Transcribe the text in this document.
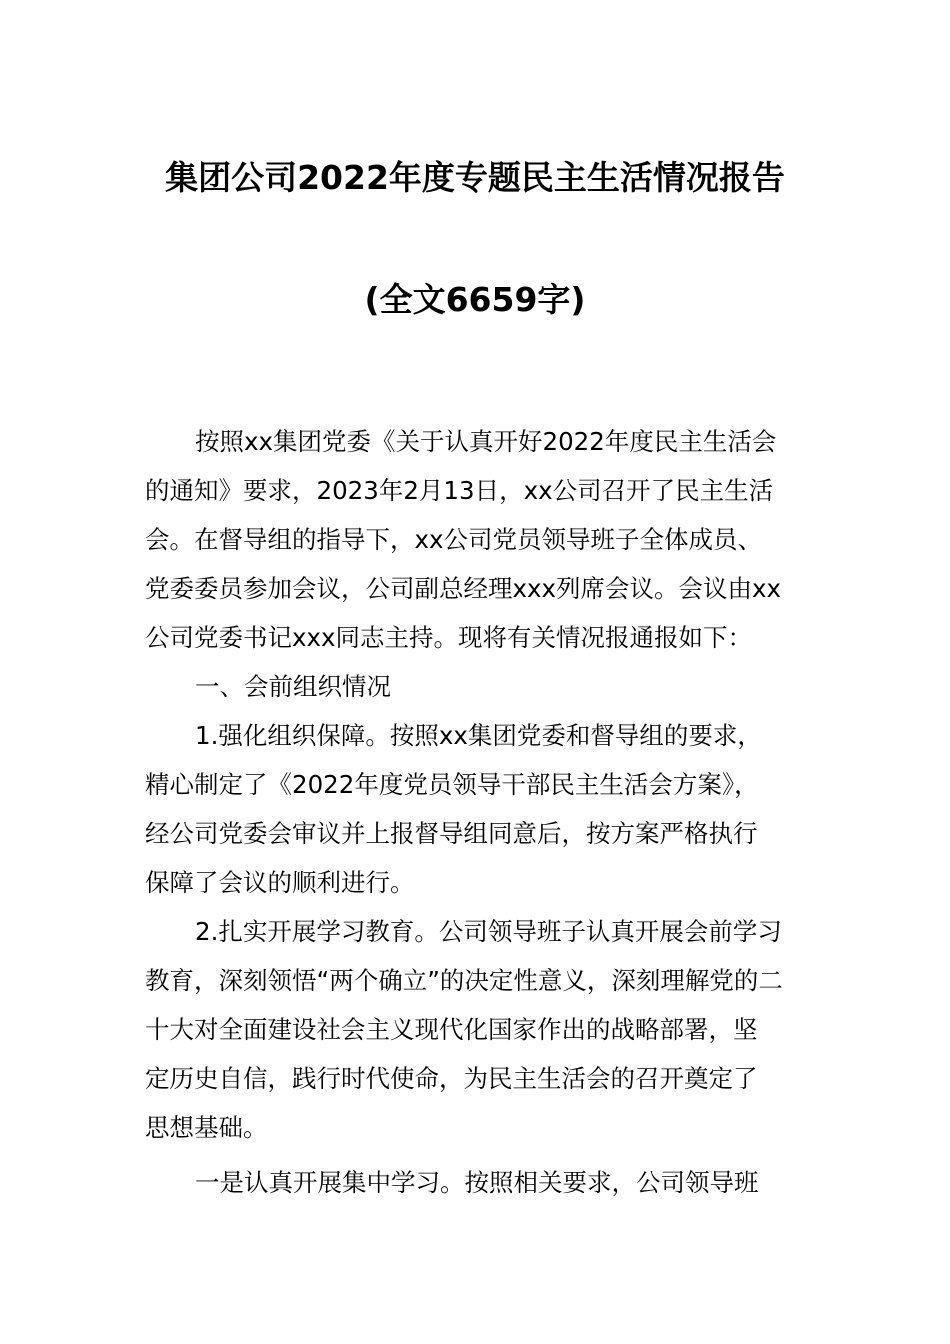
集团公司2022年度专题民主生活情况报告
(全文6659字)
按照xx集团党委《关于认真开好2022年度民主生活会
的通知》要求，2023年2月13日，xx公司召开了民主生活
会。在督导组的指导下，xx公司党员领导班子全体成员、
党委委员参加会议，公司副总经理xxx列席会议。会议由xx
公司党委书记xxx同志主持。现将有关情况报通报如下：
一、会前组织情况
1.强化组织保障。按照xx集团党委和督导组的要求，
精心制定了《2022年度党员领导干部民主生活会方案》，
经公司党委会审议并上报督导组同意后，按方案严格执行
保障了会议的顺利进行。
2.扎实开展学习教育。公司领导班子认真开展会前学习
教育，深刻领悟“两个确立”的决定性意义，深刻理解党的二
十大对全面建设社会主义现代化国家作出的战略部署，坚
定历史自信，践行时代使命，为民主生活会的召开奠定了
思想基础。
一是认真开展集中学习。按照相关要求，公司领导班
